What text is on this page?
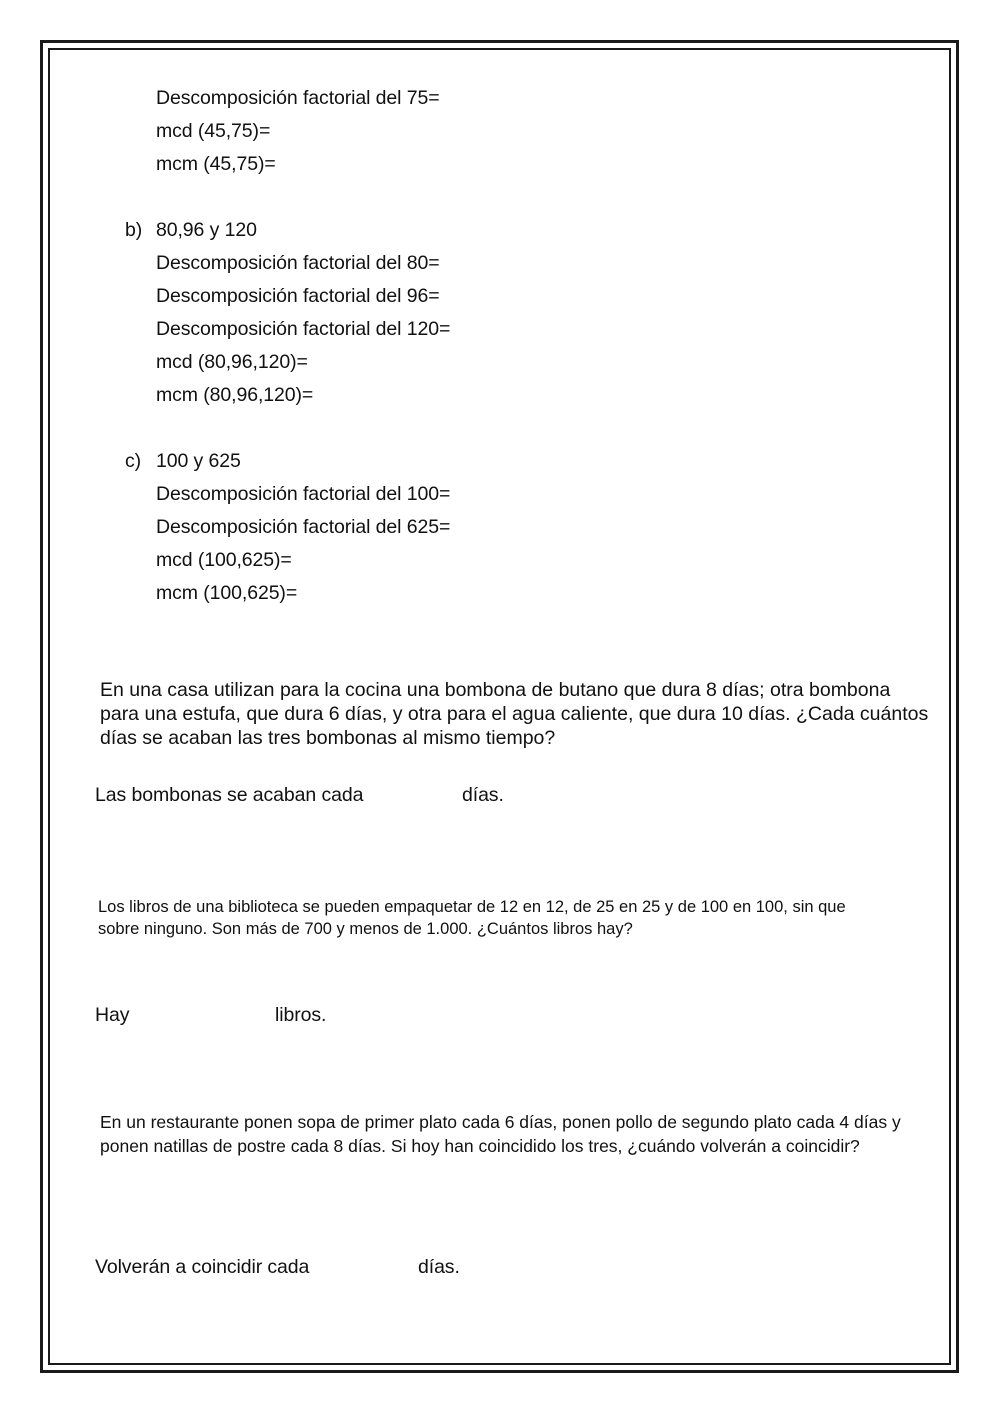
Descomposición factorial del 75=
mcd (45,75)=
mcm (45,75)=
b) 80,96 y 120
Descomposición factorial del 80=
Descomposición factorial del 96=
Descomposición factorial del 120=
mcd (80,96,120)=
mcm (80,96,120)=
c) 100 y 625
Descomposición factorial del 100=
Descomposición factorial del 625=
mcd (100,625)=
mcm (100,625)=
En una casa utilizan para la cocina una bombona de butano que dura 8 días; otra bombona para una estufa, que dura 6 días, y otra para el agua caliente, que dura 10 días. ¿Cada cuántos días se acaban las tres bombonas al mismo tiempo?
Las bombonas se acaban cada	días.
Los libros de una biblioteca se pueden empaquetar de 12 en 12, de 25 en 25 y de 100 en 100, sin que sobre ninguno. Son más de 700 y menos de 1.000. ¿Cuántos libros hay?
Hay	libros.
En un restaurante ponen sopa de primer plato cada 6 días, ponen pollo de segundo plato cada 4 días y ponen natillas de postre cada 8 días. Si hoy han coincidido los tres, ¿cuándo volverán a coincidir?
Volverán a coincidir cada	días.
